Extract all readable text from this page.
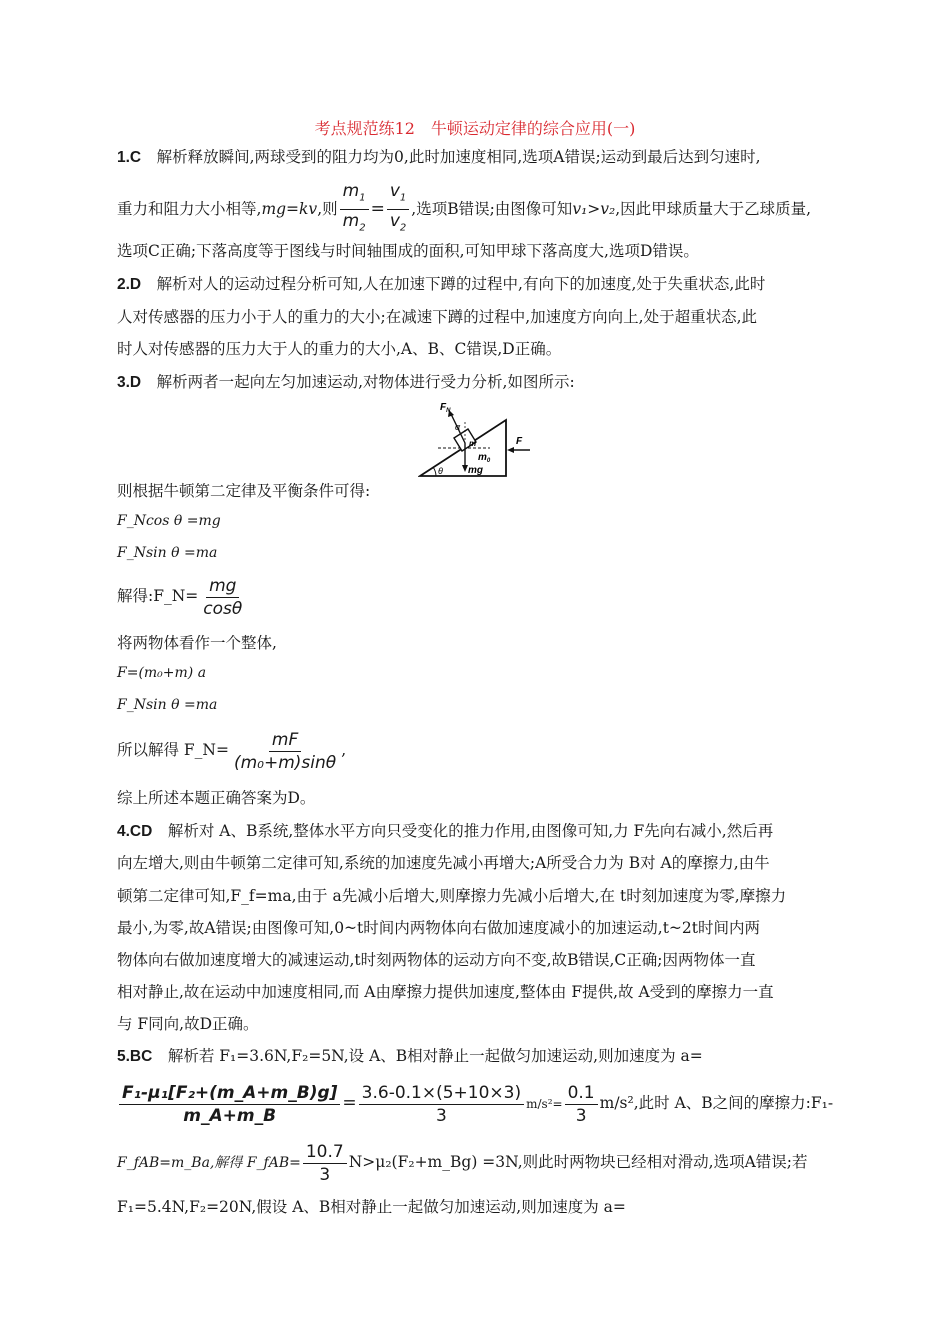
考点规范练12　牛顿运动定律的综合应用(一)
1.C　解析释放瞬间,两球受到的阻力均为0,此时加速度相同,选项A错误;运动到最后达到匀速时,
重力和阻力大小相等,mg=kv,则 $\frac{m_1}{m_2} = \frac{v_1}{v_2}$ ,选项B错误;由图像可知v₁>v₂,因此甲球质量大于乙球质量,
选项C正确;下落高度等于图线与时间轴围成的面积,可知甲球下落高度大,选项D错误。
2.D　解析对人的运动过程分析可知,人在加速下蹲的过程中,有向下的加速度,处于失重状态,此时
人对传感器的压力小于人的重力的大小;在减速下蹲的过程中,加速度方向向上,处于超重状态,此
时人对传感器的压力大于人的重力的大小,A、B、C错误,D正确。
3.D　解析两者一起向左匀加速运动,对物体进行受力分析,如图所示:
$F_N$
α
m
$m_0$
mg
F
θ
则根据牛顿第二定律及平衡条件可得:
F_Ncos θ =mg
F_Nsin θ =ma
解得:F_N= $\frac{mg}{\cos\theta}$
将两物体看作一个整体,
F=(m₀+m) a
F_Nsin θ =ma
所以解得 F_N= $\frac{mF}{\text{(m₀+m)sinθ}}$ ,
综上所述本题正确答案为D。
4.CD　解析对 A、B系统,整体水平方向只受变化的推力作用,由图像可知,力 F先向右减小,然后再
向左增大,则由牛顿第二定律可知,系统的加速度先减小再增大;A所受合力为 B对 A的摩擦力,由牛
顿第二定律可知,F_f=ma,由于 a先减小后增大,则摩擦力先减小后增大,在 t时刻加速度为零,摩擦力
最小,为零,故A错误;由图像可知,0~t时间内两物体向右做加速度减小的加速运动,t~2t时间内两
物体向右做加速度增大的减速运动,t时刻两物体的运动方向不变,故B错误,C正确;因两物体一直
相对静止,故在运动中加速度相同,而 A由摩擦力提供加速度,整体由 F提供,故 A受到的摩擦力一直
与 F同向,故D正确。
5.BC　解析若 F₁=3.6N,F₂=5N,设 A、B相对静止一起做匀加速运动,则加速度为 a=
$\frac{\text{F₁-μ₁[F₂+(m\_A+m\_B)g]}}{m\_A+m\_B} = \frac{3.6-0.1\times(5+10\times 3)}{3} m/s^2= \frac{0.1}{3} m/s^2$,此时 A、B之间的摩擦力:F₁-
F_fAB=m_Ba,解得 F_fAB= $\frac{10.7}{3}$ N>μ₂(F₂+m_Bg) =3N,则此时两物块已经相对滑动,选项A错误;若
F₁=5.4N,F₂=20N,假设 A、B相对静止一起做匀加速运动,则加速度为 a=
